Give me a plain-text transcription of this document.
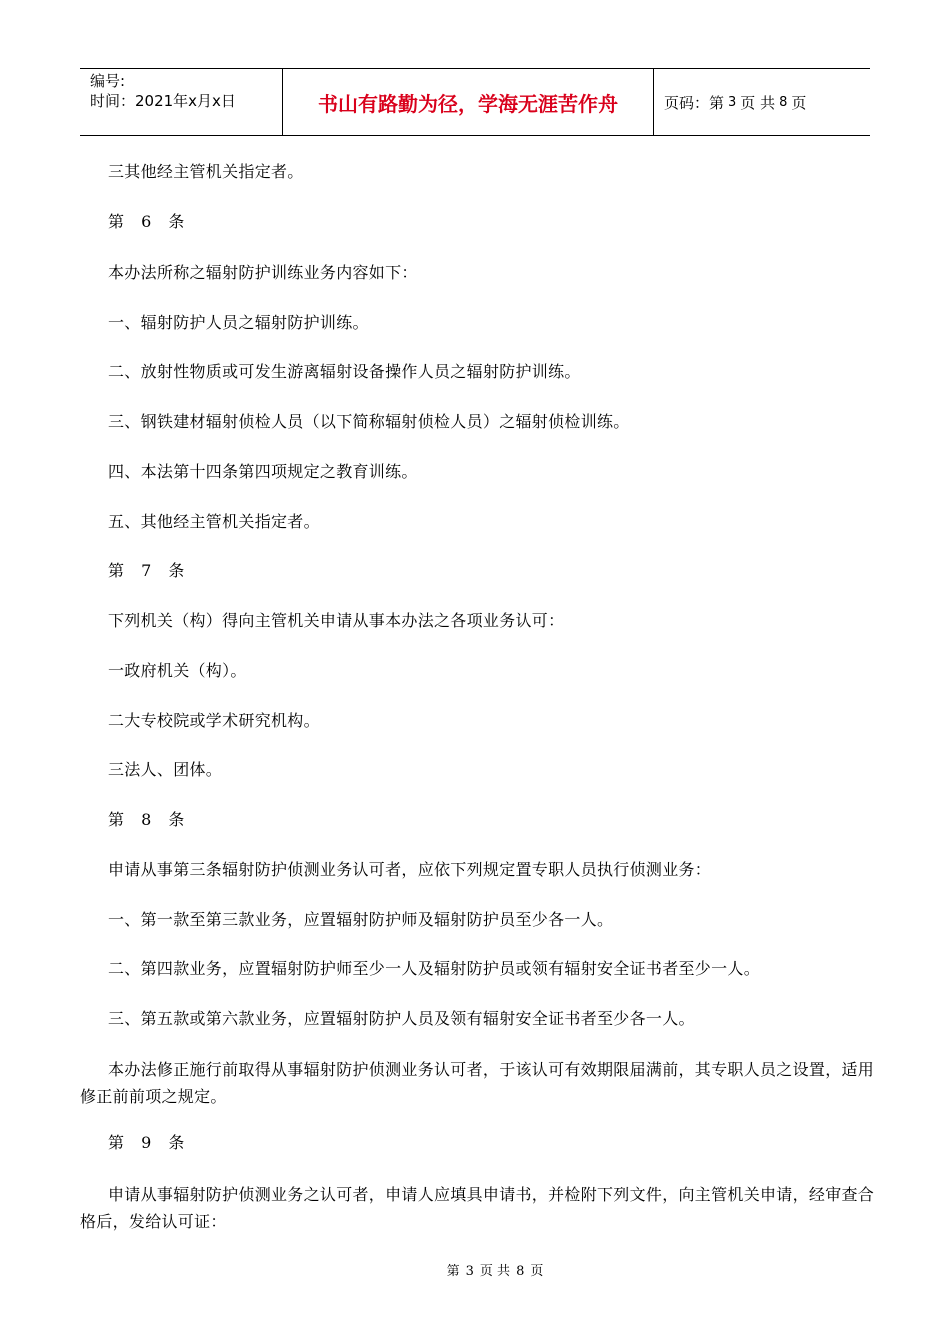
编号:
时间：2021年x月x日	书山有路勤为径，学海无涯苦作舟	页码：第 3 页 共 8 页
三其他经主管机关指定者。
第 6 条
本办法所称之辐射防护训练业务内容如下：
一、辐射防护人员之辐射防护训练。
二、放射性物质或可发生游离辐射设备操作人员之辐射防护训练。
三、钢铁建材辐射侦检人员（以下简称辐射侦检人员）之辐射侦检训练。
四、本法第十四条第四项规定之教育训练。
五、其他经主管机关指定者。
第 7 条
下列机关（构）得向主管机关申请从事本办法之各项业务认可：
一政府机关（构）。
二大专校院或学术研究机构。
三法人、团体。
第 8 条
申请从事第三条辐射防护侦测业务认可者，应依下列规定置专职人员执行侦测业务：
一、第一款至第三款业务，应置辐射防护师及辐射防护员至少各一人。
二、第四款业务，应置辐射防护师至少一人及辐射防护员或领有辐射安全证书者至少一人。
三、第五款或第六款业务，应置辐射防护人员及领有辐射安全证书者至少各一人。
本办法修正施行前取得从事辐射防护侦测业务认可者，于该认可有效期限届满前，其专职人员之设置，适用修正前前项之规定。
第 9 条
申请从事辐射防护侦测业务之认可者，申请人应填具申请书，并检附下列文件，向主管机关申请，经审查合格后，发给认可证：
第 3 页 共 8 页
